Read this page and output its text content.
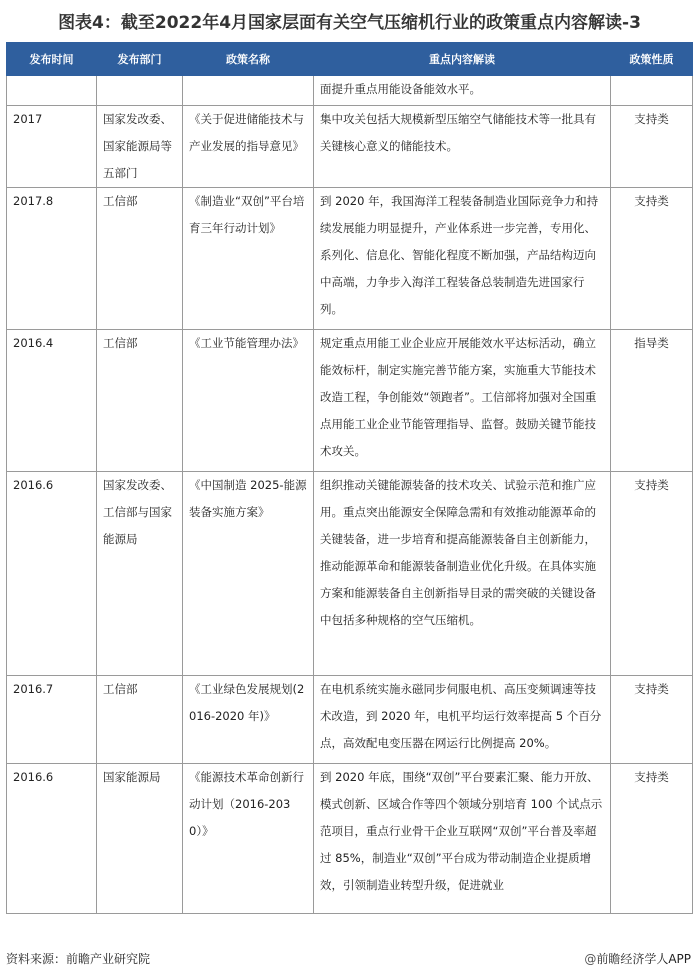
图表4：截至2022年4月国家层面有关空气压缩机行业的政策重点内容解读-3
发布时间	发布部门	政策名称	重点内容解读	政策性质
			面提升重点用能设备能效水平。	
2017	国家发改委、国家能源局等五部门	《关于促进储能技术与产业发展的指导意见》	集中攻关包括大规模新型压缩空气储能技术等一批具有关键核心意义的储能技术。	支持类
2017.8	工信部	《制造业“双创”平台培育三年行动计划》	到 2020 年，我国海洋工程装备制造业国际竞争力和持续发展能力明显提升，产业体系进一步完善，专用化、系列化、信息化、智能化程度不断加强，产品结构迈向中高端，力争步入海洋工程装备总装制造先进国家行列。	支持类
2016.4	工信部	《工业节能管理办法》	规定重点用能工业企业应开展能效水平达标活动，确立能效标杆，制定实施完善节能方案，实施重大节能技术改造工程，争创能效“领跑者”。工信部将加强对全国重点用能工业企业节能管理指导、监督。鼓励关键节能技术攻关。	指导类
2016.6	国家发改委、工信部与国家能源局	《中国制造 2025-能源装备实施方案》	组织推动关键能源装备的技术攻关、试验示范和推广应用。重点突出能源安全保障急需和有效推动能源革命的关键装备，进一步培育和提高能源装备自主创新能力，推动能源革命和能源装备制造业优化升级。在具体实施方案和能源装备自主创新指导目录的需突破的关键设备中包括多种规格的空气压缩机。	支持类
2016.7	工信部	《工业绿色发展规划(2016-2020 年)》	在电机系统实施永磁同步伺服电机、高压变频调速等技术改造，到 2020 年，电机平均运行效率提高 5 个百分点，高效配电变压器在网运行比例提高 20%。	支持类
2016.6	国家能源局	《能源技术革命创新行动计划（2016-2030）》	到 2020 年底，围绕“双创”平台要素汇聚、能力开放、模式创新、区域合作等四个领域分别培育 100 个试点示范项目，重点行业骨干企业互联网“双创”平台普及率超过 85%，制造业“双创”平台成为带动制造企业提质增效，引领制造业转型升级，促进就业	支持类
资料来源：前瞻产业研究院	@前瞻经济学人APP
